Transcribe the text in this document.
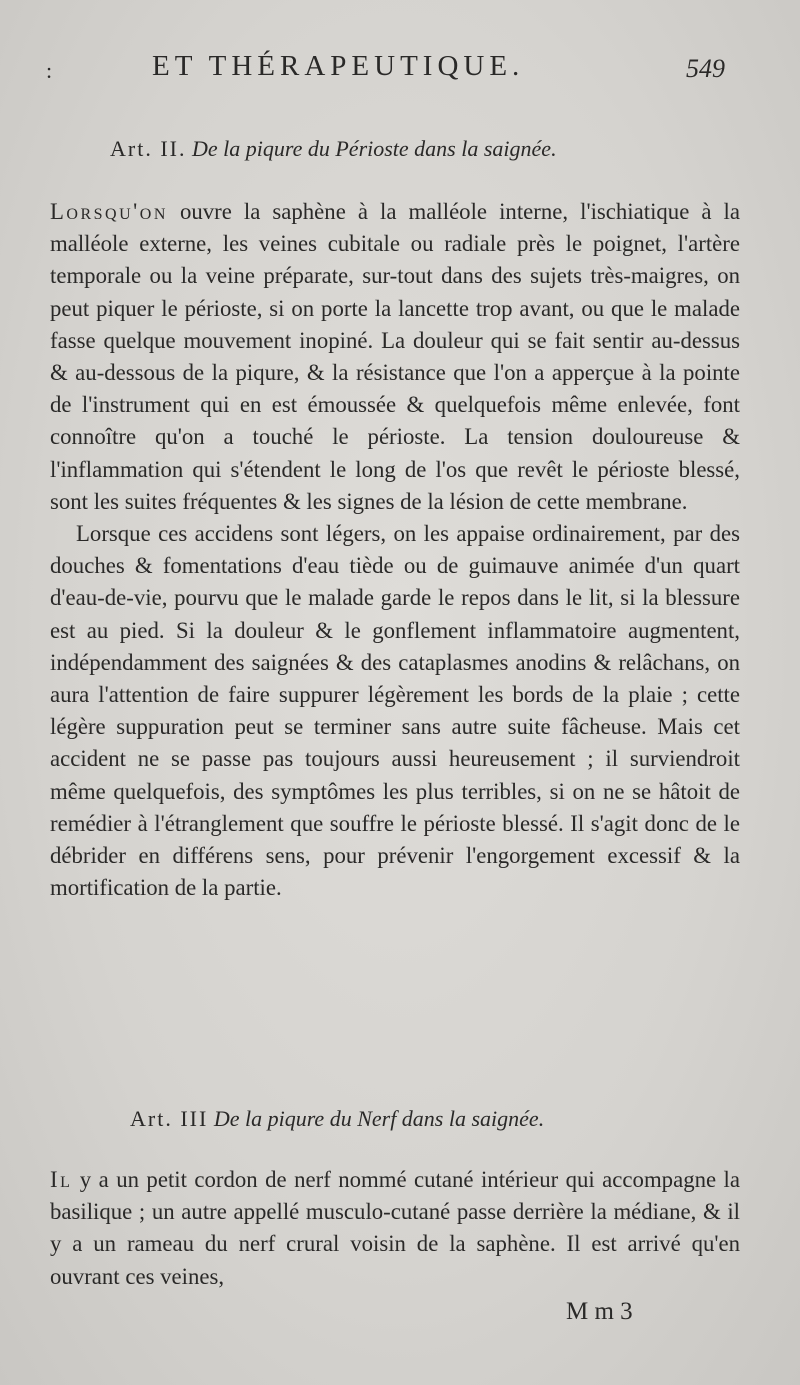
:	ET THÉRAPEUTIQUE.	549
Art. II. De la piqure du Périoste dans la saignée.

Lorsqu'on ouvre la saphène à la malléole interne, l'ischiatique à la malléole externe, les veines cubitale ou radiale près le poignet, l'artère temporale ou la veine préparate, sur-tout dans des sujets très-maigres, on peut piquer le périoste, si on porte la lancette trop avant, ou que le malade fasse quelque mouvement inopiné. La douleur qui se fait sentir au-dessus & au-dessous de la piqure, & la résistance que l'on a apperçue à la pointe de l'instrument qui en est émoussée & quelquefois même enlevée, font connoître qu'on a touché le périoste. La tension douloureuse & l'inflammation qui s'étendent le long de l'os que revêt le périoste blessé, sont les suites fréquentes & les signes de la lésion de cette membrane.

Lorsque ces accidens sont légers, on les appaise ordinairement, par des douches & fomentations d'eau tiède ou de guimauve animée d'un quart d'eau-de-vie, pourvu que le malade garde le repos dans le lit, si la blessure est au pied. Si la douleur & le gonflement inflammatoire augmentent, indépendamment des saignées & des cataplasmes anodins & relâchans, on aura l'attention de faire suppurer légèrement les bords de la plaie ; cette légère suppuration peut se terminer sans autre suite fâcheuse. Mais cet accident ne se passe pas toujours aussi heureusement ; il surviendroit même quelquefois, des symptômes les plus terribles, si on ne se hâtoit de remédier à l'étranglement que souffre le périoste blessé. Il s'agit donc de le débrider en différens sens, pour prévenir l'engorgement excessif & la mortification de la partie.

Art. III De la piqure du Nerf dans la saignée.

Il y a un petit cordon de nerf nommé cutané intérieur qui accompagne la basilique ; un autre appellé musculo-cutané passe derrière la médiane, & il y a un rameau du nerf crural voisin de la saphène. Il est arrivé qu'en ouvrant ces veines,

M m 3
